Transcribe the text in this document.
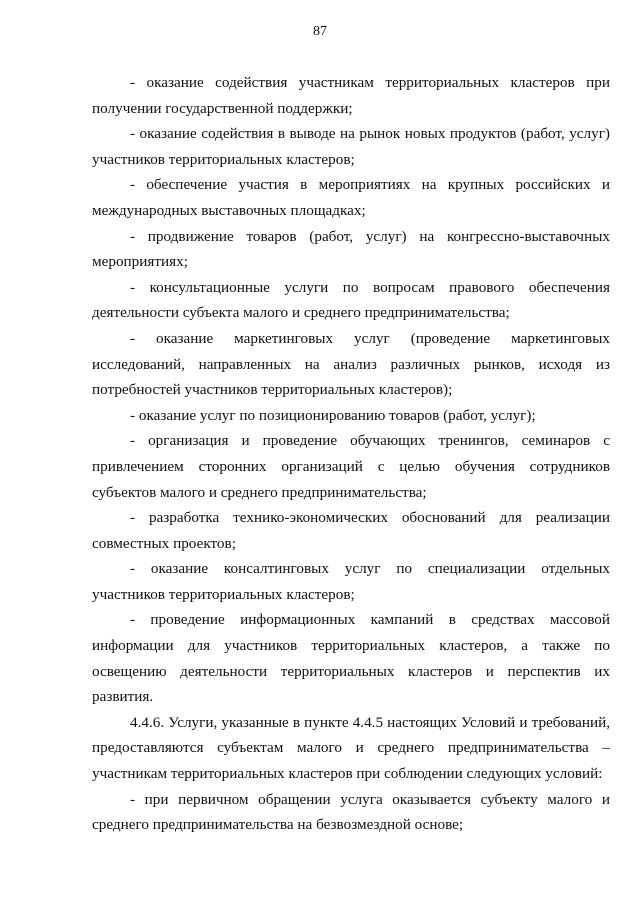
87

- оказание содействия участникам территориальных кластеров при получении государственной поддержки;

- оказание содействия в выводе на рынок новых продуктов (работ, услуг) участников территориальных кластеров;

- обеспечение участия в мероприятиях на крупных российских и международных выставочных площадках;

- продвижение товаров (работ, услуг) на конгрессно-выставочных мероприятиях;

- консультационные услуги по вопросам правового обеспечения деятельности субъекта малого и среднего предпринимательства;

- оказание маркетинговых услуг (проведение маркетинговых исследований, направленных на анализ различных рынков, исходя из потребностей участников территориальных кластеров);

- оказание услуг по позиционированию товаров (работ, услуг);

- организация и проведение обучающих тренингов, семинаров с привлечением сторонних организаций с целью обучения сотрудников субъектов малого и среднего предпринимательства;

- разработка технико-экономических обоснований для реализации совместных проектов;

- оказание консалтинговых услуг по специализации отдельных участников территориальных кластеров;

- проведение информационных кампаний в средствах массовой информации для участников территориальных кластеров, а также по освещению деятельности территориальных кластеров и перспектив их развития.

4.4.6. Услуги, указанные в пункте 4.4.5 настоящих Условий и требований, предоставляются субъектам малого и среднего предпринимательства – участникам территориальных кластеров при соблюдении следующих условий:

- при первичном обращении услуга оказывается субъекту малого и среднего предпринимательства на безвозмездной основе;
